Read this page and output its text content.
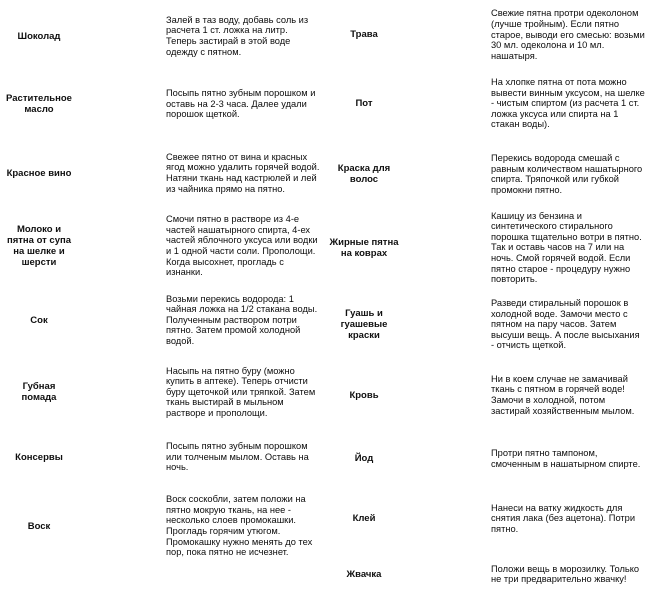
Шоколад
Залей в таз воду, добавь соль из расчета 1 ст. ложка на литр. Теперь застирай в этой воде одежду с пятном.
Растительное масло
Посыпь пятно зубным порошком и оставь на 2-3 часа. Далее удали порошок щеткой.
Красное вино
Свежее пятно от вина и красных ягод можно удалить горячей водой. Натяни ткань над кастрюлей и лей из чайника прямо на пятно.
Молоко и пятна от супа на шелке и шерсти
Смочи пятно в растворе из 4-е частей нашатырного спирта, 4-ех частей яблочного уксуса или водки и 1 одной части соли. Прополощи. Когда высохнет, прогладь с изнанки.
Сок
Возьми перекись водорода: 1 чайная ложка на 1/2 стакана воды. Полученным раствором потри пятно. Затем промой холодной водой.
Губная помада
Насыпь на пятно буру (можно купить в аптеке). Теперь отчисти буру щеточкой или тряпкой. Затем ткань выстирай в мыльном растворе и прополощи.
Консервы
Посыпь пятно зубным порошком или толченым мылом. Оставь на ночь.
Воск
Воск соскобли, затем положи на пятно мокрую ткань, на нее - несколько слоев промокашки. Прогладь горячим утюгом. Промокашку нужно менять до тех пор, пока пятно не исчезнет.
Трава
Свежие пятна протри одеколоном (лучше тройным). Если пятно старое, выводи его смесью: возьми 30 мл. одеколона и 10 мл. нашатыря.
Пот
На хлопке пятна от пота можно вывести винным уксусом, на шелке - чистым спиртом (из расчета 1 ст. ложка уксуса или спирта на 1 стакан воды).
Краска для волос
Перекись водорода смешай с равным количеством нашатырного спирта. Тряпочкой или губкой промокни пятно.
Жирные пятна на коврах
Кашицу из бензина и синтетического стирального порошка тщательно вотри в пятно. Так и оставь часов на 7 или на ночь. Смой горячей водой. Если пятно старое - процедуру нужно повторить.
Гуашь и гуашевые краски
Разведи стиральный порошок в холодной воде. Замочи место с пятном на пару часов. Затем высуши вещь. А после высыхания - отчисть щеткой.
Кровь
Ни в коем случае не замачивай ткань с пятном в горячей воде! Замочи в холодной, потом застирай хозяйственным мылом.
Йод
Протри пятно тампоном, смоченным в нашатырном спирте.
Клей
Нанеси на ватку жидкость для снятия лака (без ацетона). Потри пятно.
Жвачка
Положи вещь в морозилку. Только не три предварительно жвачку!
